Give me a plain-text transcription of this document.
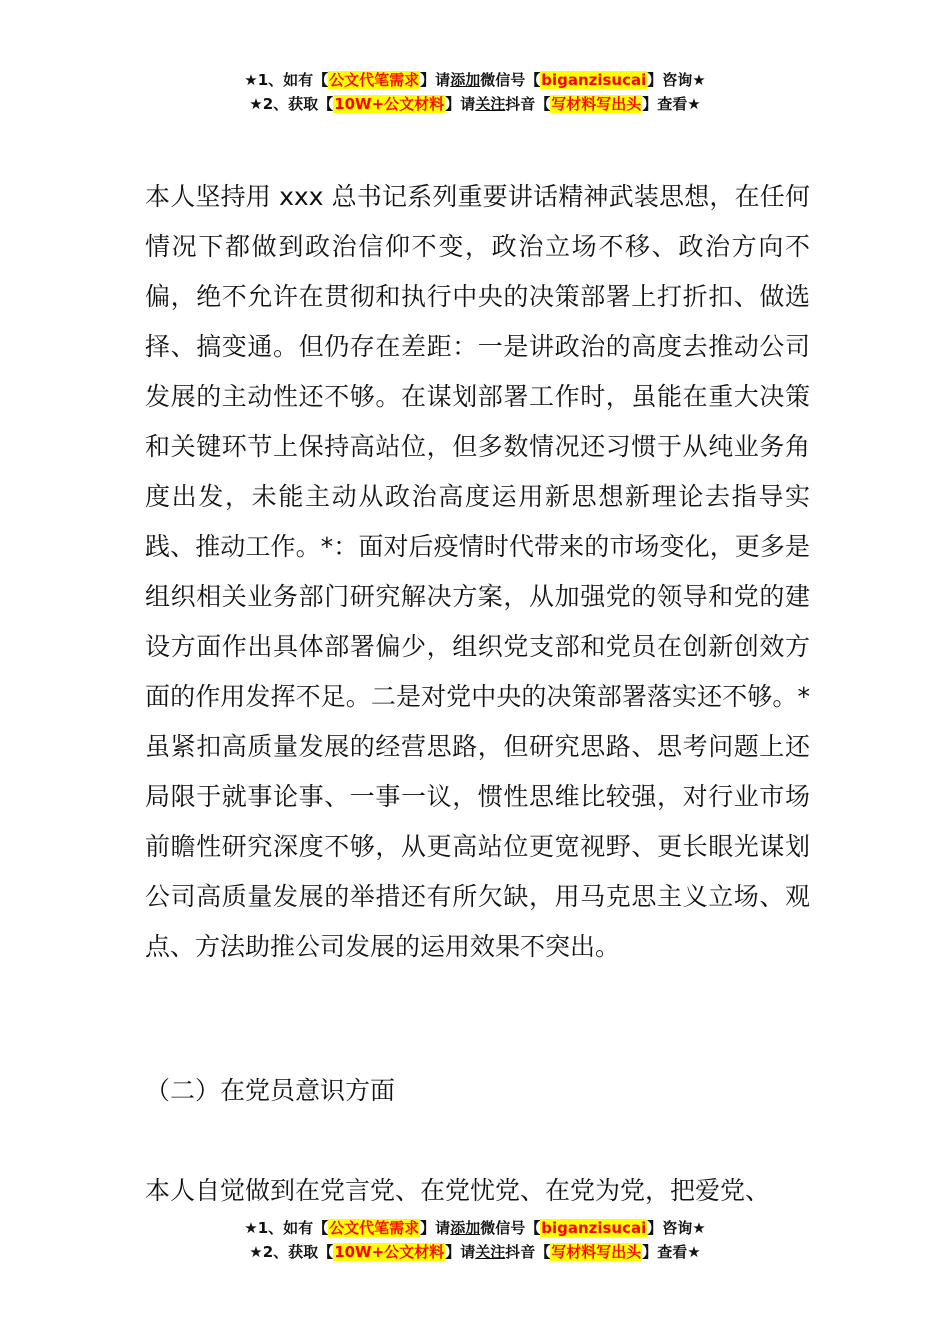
★1、如有【公文代笔需求】请添加微信号【biganzisucai】咨询★
★2、获取【10W+公文材料】请关注抖音【写材料写出头】查看★

本人坚持用 xxx 总书记系列重要讲话精神武装思想，在任何情况下都做到政治信仰不变，政治立场不移、政治方向不偏，绝不允许在贯彻和执行中央的决策部署上打折扣、做选择、搞变通。但仍存在差距：一是讲政治的高度去推动公司发展的主动性还不够。在谋划部署工作时，虽能在重大决策和关键环节上保持高站位，但多数情况还习惯于从纯业务角度出发，未能主动从政治高度运用新思想新理论去指导实践、推动工作。*：面对后疫情时代带来的市场变化，更多是组织相关业务部门研究解决方案，从加强党的领导和党的建设方面作出具体部署偏少，组织党支部和党员在创新创效方面的作用发挥不足。二是对党中央的决策部署落实还不够。*虽紧扣高质量发展的经营思路，但研究思路、思考问题上还局限于就事论事、一事一议，惯性思维比较强，对行业市场前瞻性研究深度不够，从更高站位更宽视野、更长眼光谋划公司高质量发展的举措还有所欠缺，用马克思主义立场、观点、方法助推公司发展的运用效果不突出。

（二）在党员意识方面

本人自觉做到在党言党、在党忧党、在党为党，把爱党、

★1、如有【公文代笔需求】请添加微信号【biganzisucai】咨询★
★2、获取【10W+公文材料】请关注抖音【写材料写出头】查看★
